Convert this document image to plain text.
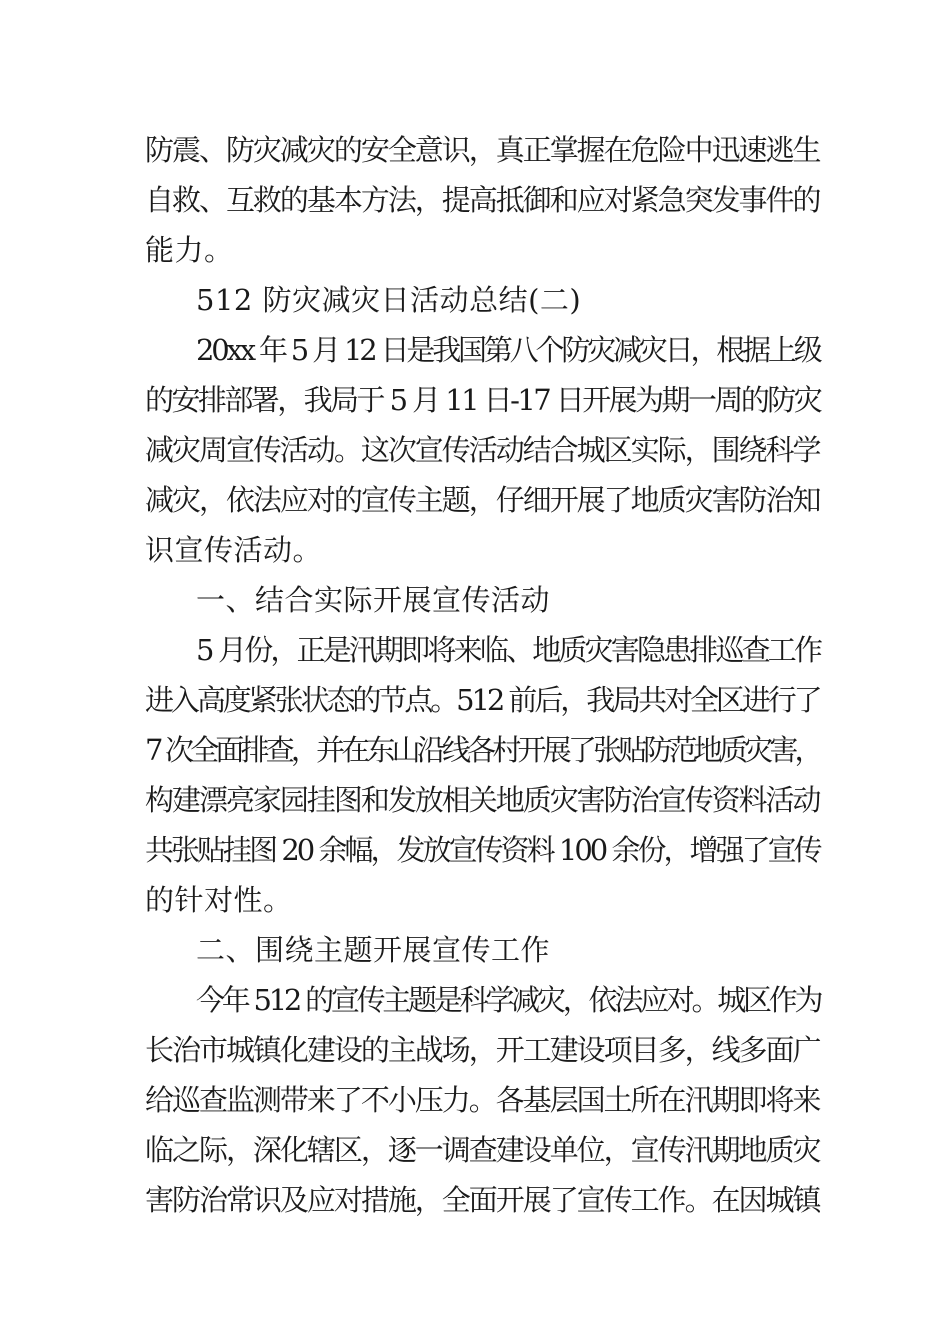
防震、防灾减灾的安全意识，真正掌握在危险中迅速逃生
自救、互救的基本方法，提高抵御和应对紧急突发事件的
能力。
512 防灾减灾日活动总结(二)
20xx 年 5 月 12 日是我国第八个防灾减灾日，根据上级
的安排部署，我局于 5 月 11 日-17 日开展为期一周的防灾
减灾周宣传活动。这次宣传活动结合城区实际，围绕科学
减灾，依法应对的宣传主题，仔细开展了地质灾害防治知
识宣传活动。
一、结合实际开展宣传活动
5 月份，正是汛期即将来临、地质灾害隐患排巡查工作
进入高度紧张状态的节点。512 前后，我局共对全区进行了
7 次全面排查，并在东山沿线各村开展了张贴防范地质灾害，
构建漂亮家园挂图和发放相关地质灾害防治宣传资料活动
共张贴挂图 20 余幅，发放宣传资料 100 余份，增强了宣传
的针对性。
二、围绕主题开展宣传工作
今年 512 的宣传主题是科学减灾，依法应对。城区作为
长治市城镇化建设的主战场，开工建设项目多，线多面广
给巡查监测带来了不小压力。各基层国土所在汛期即将来
临之际，深化辖区，逐一调查建设单位，宣传汛期地质灾
害防治常识及应对措施，全面开展了宣传工作。在因城镇
